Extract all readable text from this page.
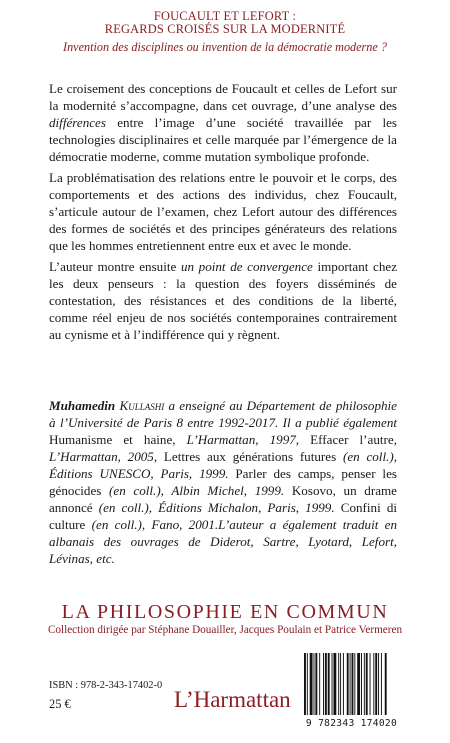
FOUCAULT ET LEFORT :
REGARDS CROISÉS SUR LA MODERNITÉ
Invention des disciplines ou invention de la démocratie moderne ?

Le croisement des conceptions de Foucault et celles de Lefort sur la modernité s’accompagne, dans cet ouvrage, d’une analyse des différences entre l’image d’une société travaillée par les technologies disciplinaires et celle marquée par l’émergence de la démocratie moderne, comme mutation symbolique profonde.

La problématisation des relations entre le pouvoir et le corps, des comportements et des actions des individus, chez Foucault, s’articule autour de l’examen, chez Lefort autour des différences des formes de sociétés et des principes générateurs des relations que les hommes entretiennent entre eux et avec le monde.

L’auteur montre ensuite un point de convergence important chez les deux penseurs : la question des foyers disséminés de contestation, des résistances et des conditions de la liberté, comme réel enjeu de nos sociétés contemporaines contrairement au cynisme et à l’indifférence qui y règnent.

Muhamedin Kullashi a enseigné au Département de philosophie à l’Université de Paris 8 entre 1992-2017. Il a publié également Humanisme et haine, L’Harmattan, 1997, Effacer l’autre, L’Harmattan, 2005, Lettres aux générations futures (en coll.), Éditions UNESCO, Paris, 1999. Parler des camps, penser les génocides (en coll.), Albin Michel, 1999. Kosovo, un drame annoncé (en coll.), Éditions Michalon, Paris, 1999. Confini di culture (en coll.), Fano, 2001.L’auteur a également traduit en albanais des ouvrages de Diderot, Sartre, Lyotard, Lefort, Lévinas, etc.

LA PHILOSOPHIE EN COMMUN
Collection dirigée par Stéphane Douailler, Jacques Poulain et Patrice Vermeren
ISBN : 978-2-343-17402-0
25 €	L’Harmattan
9 782343 174020
